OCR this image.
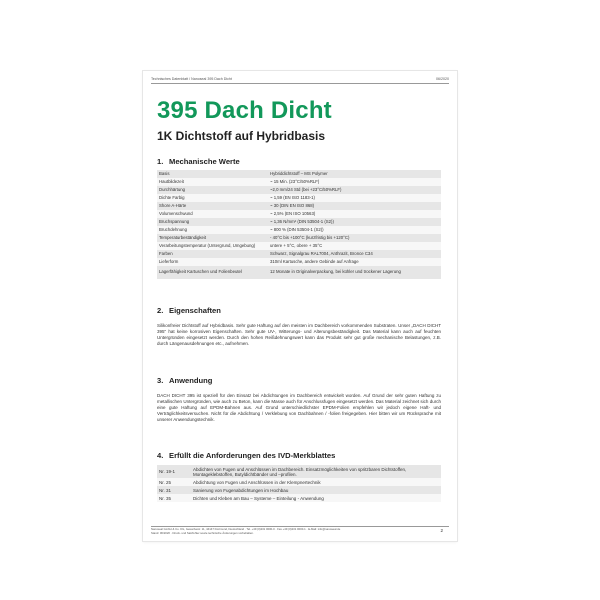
Technisches Datenblatt / Nanoseal 395 Dach Dicht	06/2020
395 Dach Dicht
1K Dichtstoff auf Hybridbasis
1. Mechanische Werte
Basis	Hybriddichtstoff – MS Polymer
Hautbildezeit	~ 15 Min. (23°C/50%RLF)
Durchhärtung	~2,0 mm/24 Std (bei +23°C/50%RLF)
Dichte Farbig	~ 1,59 (EN ISO 1183-1)
Shore A-Härte	~ 30 (DIN EN ISO 868)
Volumenschwund	~ 2,5% (EN ISO 10563)
Bruchspannung	~ 1,36 N/mm² (DIN 53504-1 (S2))
Bruchdehnung	~ 800 % (DIN 53504-1 (S2))
Temperaturbeständigkeit	- 40°C bis +100°C (kurzfristig bis +120°C)
Verarbeitungstemperatur (Untergrund, Umgebung)	untere + 5°C, obere + 35°C
Farben	Schwarz, Signalgrau RAL7004, Anthrazit, Bronce C34
Lieferform	310ml Kartusche, andere Gebinde auf Anfrage
Lagerfähigkeit Kartuschen und Folienbeutel	12 Monate in Originalverpackung, bei kühler und trockener Lagerung
2. Eigenschaften

Silikonfreier Dichtstoff auf Hybridbasis. Sehr gute Haftung auf den meisten im Dachbereich vorkommenden Substraten. Unser „DACH DICHT 395" hat keine korrosiven Eigenschaften. Sehr gute UV-, Witterungs- und Alterungsbeständigkeit. Das Material kann auch auf feuchten Untergründen eingesetzt werden. Durch den hohen Reißdehnungswert kann das Produkt sehr gut große mechanische Belastungen, z.B. durch Längenausdehnungen etc., aufnehmen.

3. Anwendung

DACH DICHT 395 ist speziell für den Einsatz bei Abdichtungen im Dachbereich entwickelt worden. Auf Grund der sehr guten Haftung zu metallischen Untergründen, wie auch zu Beton, kann die Masse auch für Anschlussfugen eingesetzt werden. Das Material zeichnet sich durch eine gute Haftung auf EPDM-Bahnen aus. Auf Grund unterschiedlichster EPDM-Folien empfehlen wir jedoch eigene Haft- und Verträglichkeitsversuchen. Nicht für die Abdichtung / Verklebung von Dachbahnen / -folien freigegeben. Hier bitten wir um Rücksprache mit unserer Anwendungstechnik.

4. Erfüllt die Anforderungen des IVD-Merkblattes
Nr. 19-1	Abdichten von Fugen und Anschlüssen im Dachbereich. Einsatzmöglichkeiten von spritzbaren Dichtstoffen, Montageklebstoffen, Butyldichtbänder und –profilen.
Nr. 25	Abdichtung von Fugen und Anschlüssen in der Klempnertechnik
Nr. 31	Sanierung von Fugenabdichtungen im Hochbau
Nr. 35	Dichten und Kleben am Bau – Systeme – Einteilung - Anwendung
Nanoseal GmbH & Co. KG, Gewerbestr. 11, 44147 Dortmund, Deutschland · Tel. +49 (0)231 0000-0 · Fax +49 (0)231 0000-1 · E-Mail: info@nanoseal.de
Stand: 06/2020 · Druck- und Satzfehler sowie technische Änderungen vorbehalten.	2
